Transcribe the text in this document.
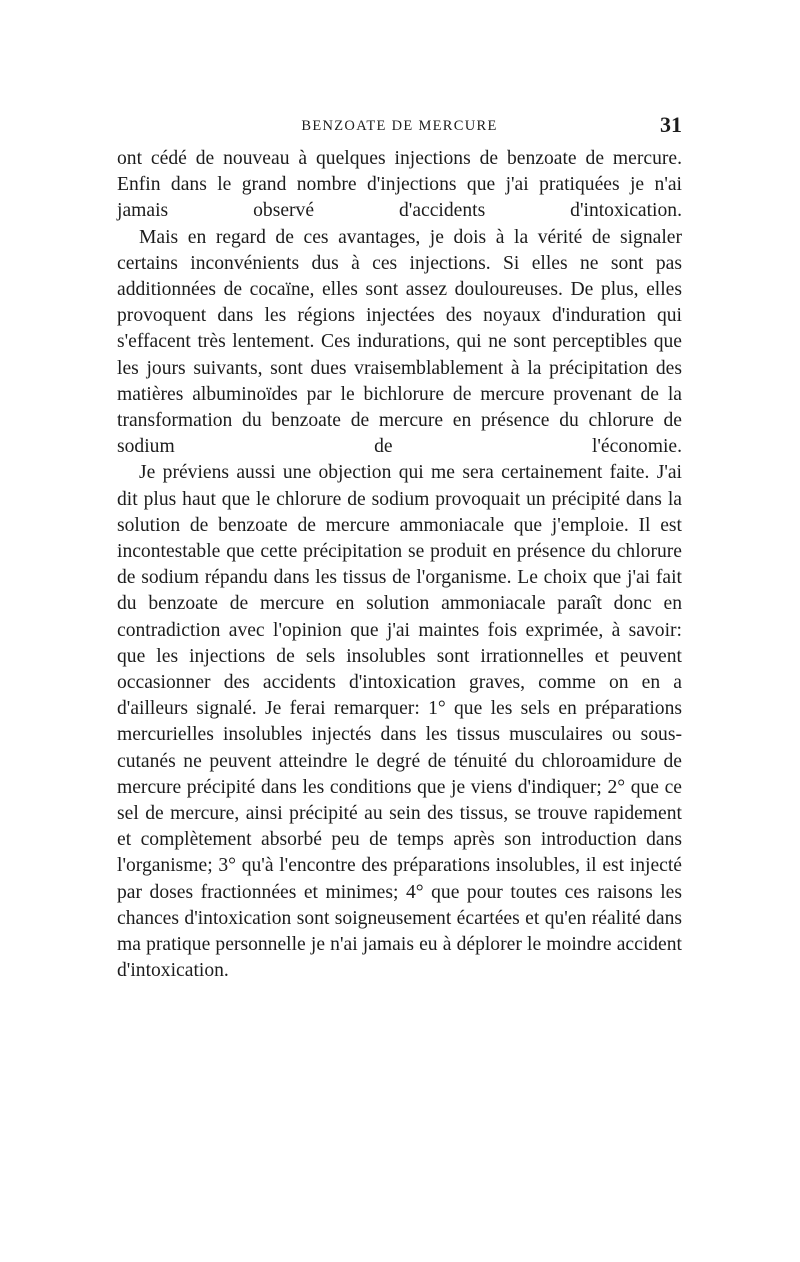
BENZOATE DE MERCURE	31

ont cédé de nouveau à quelques injections de benzoate de mercure. Enfin dans le grand nombre d'injections que j'ai pratiquées je n'ai jamais observé d'accidents d'intoxication.

Mais en regard de ces avantages, je dois à la vérité de signaler certains inconvénients dus à ces injections. Si elles ne sont pas additionnées de cocaïne, elles sont assez douloureuses. De plus, elles provoquent dans les régions injectées des noyaux d'induration qui s'effacent très lentement. Ces indurations, qui ne sont perceptibles que les jours suivants, sont dues vraisemblablement à la précipitation des matières albuminoïdes par le bichlorure de mercure provenant de la transformation du benzoate de mercure en présence du chlorure de sodium de l'économie.

Je préviens aussi une objection qui me sera certainement faite. J'ai dit plus haut que le chlorure de sodium provoquait un précipité dans la solution de benzoate de mercure ammoniacale que j'emploie. Il est incontestable que cette précipitation se produit en présence du chlorure de sodium répandu dans les tissus de l'organisme. Le choix que j'ai fait du benzoate de mercure en solution ammoniacale paraît donc en contradiction avec l'opinion que j'ai maintes fois exprimée, à savoir: que les injections de sels insolubles sont irrationnelles et peuvent occasionner des accidents d'intoxication graves, comme on en a d'ailleurs signalé. Je ferai remarquer: 1° que les sels en préparations mercurielles insolubles injectés dans les tissus musculaires ou sous-cutanés ne peuvent atteindre le degré de ténuité du chloroamidure de mercure précipité dans les conditions que je viens d'indiquer; 2° que ce sel de mercure, ainsi précipité au sein des tissus, se trouve rapidement et complètement absorbé peu de temps après son introduction dans l'organisme; 3° qu'à l'encontre des préparations insolubles, il est injecté par doses fractionnées et minimes; 4° que pour toutes ces raisons les chances d'intoxication sont soigneusement écartées et qu'en réalité dans ma pratique personnelle je n'ai jamais eu à déplorer le moindre accident d'intoxication.
